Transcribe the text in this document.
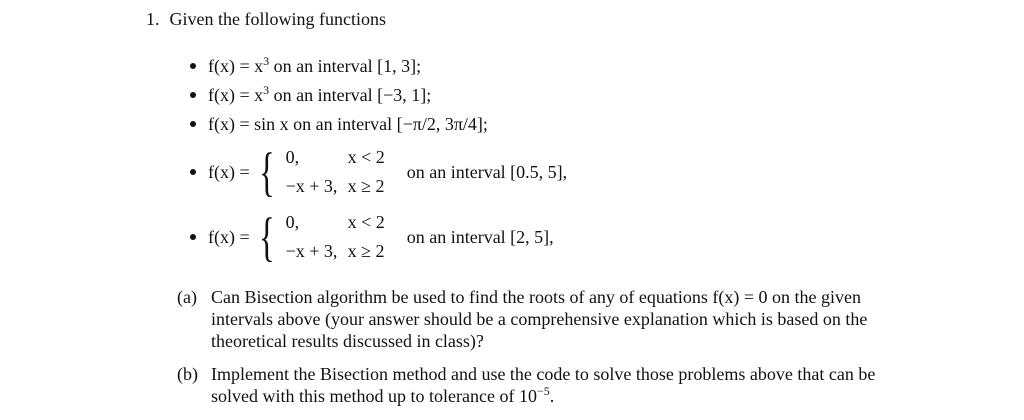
1. Given the following functions
$f(x) = x^3$
on an interval [1, 3];
$f(x) = x^3$
on an interval [−3, 1];
f(x) = sin x
on an interval [−π/2, 3π/4];
f(x) = { 0,	x < 2
−x + 3, x ≥ 2
on an interval [0.5, 5],
f(x) = { 0,	x < 2
−x + 3, x ≥ 2
on an interval [2, 5],
(a) Can Bisection algorithm be used to find the roots of any of equations f(x) = 0 on the given intervals above (your answer should be a comprehensive explanation which is based on the theoretical results discussed in class)?
(b) Implement the Bisection method and use the code to solve those problems above that can be solved with this method up to tolerance of $10^{-5}$.
